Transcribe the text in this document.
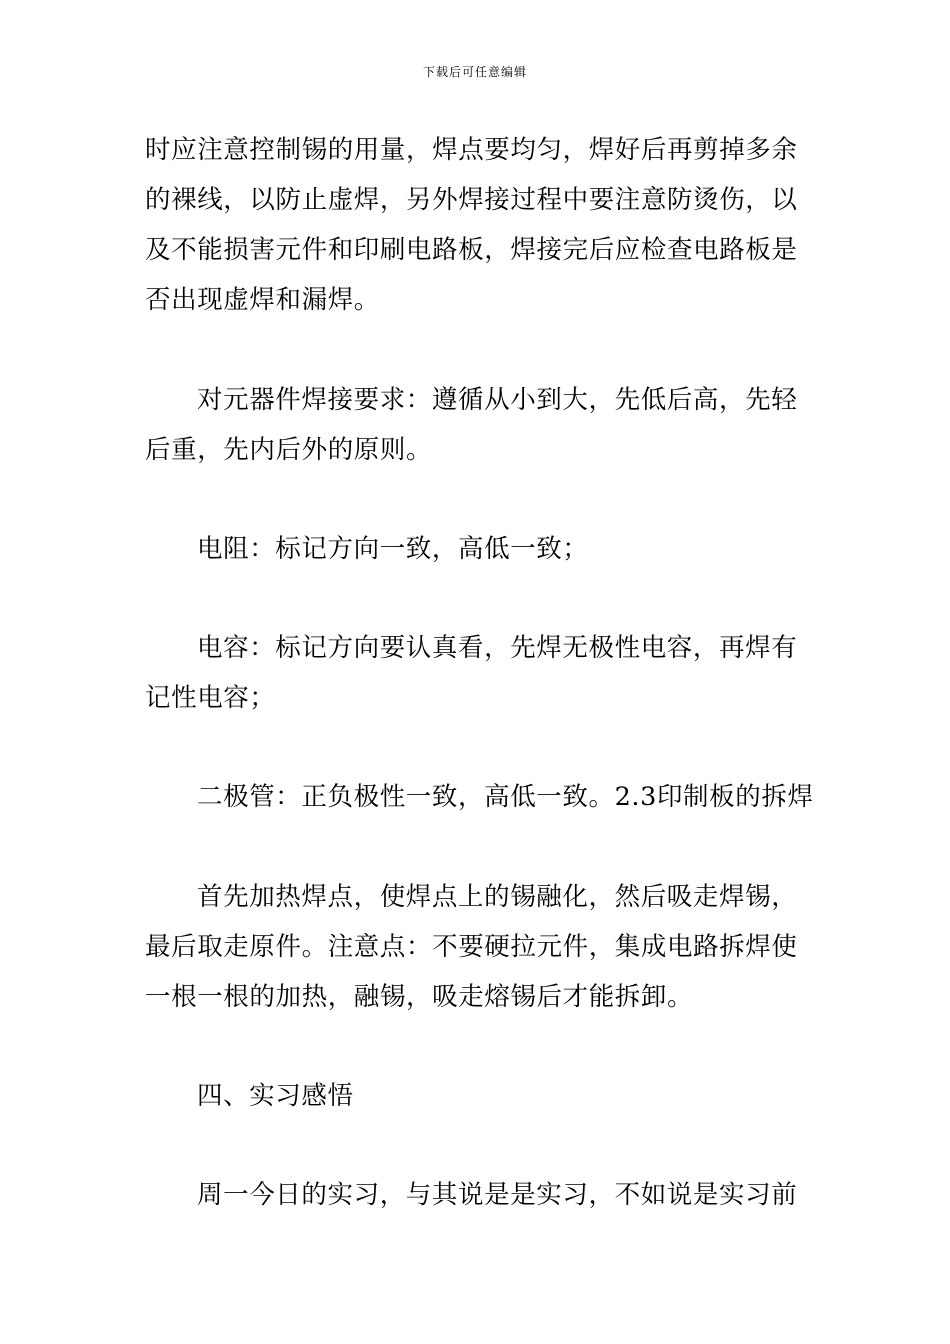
下载后可任意编辑
时应注意控制锡的用量，焊点要均匀，焊好后再剪掉多余
的裸线，以防止虚焊，另外焊接过程中要注意防烫伤，以
及不能损害元件和印刷电路板，焊接完后应检查电路板是
否出现虚焊和漏焊。
对元器件焊接要求：遵循从小到大，先低后高，先轻
后重，先内后外的原则。
电阻：标记方向一致，高低一致；
电容：标记方向要认真看，先焊无极性电容，再焊有
记性电容；
二极管：正负极性一致，高低一致。2.3印制板的拆焊
首先加热焊点，使焊点上的锡融化，然后吸走焊锡，
最后取走原件。注意点：不要硬拉元件，集成电路拆焊使
一根一根的加热，融锡，吸走熔锡后才能拆卸。
四、实习感悟
周一今日的实习，与其说是是实习，不如说是实习前
